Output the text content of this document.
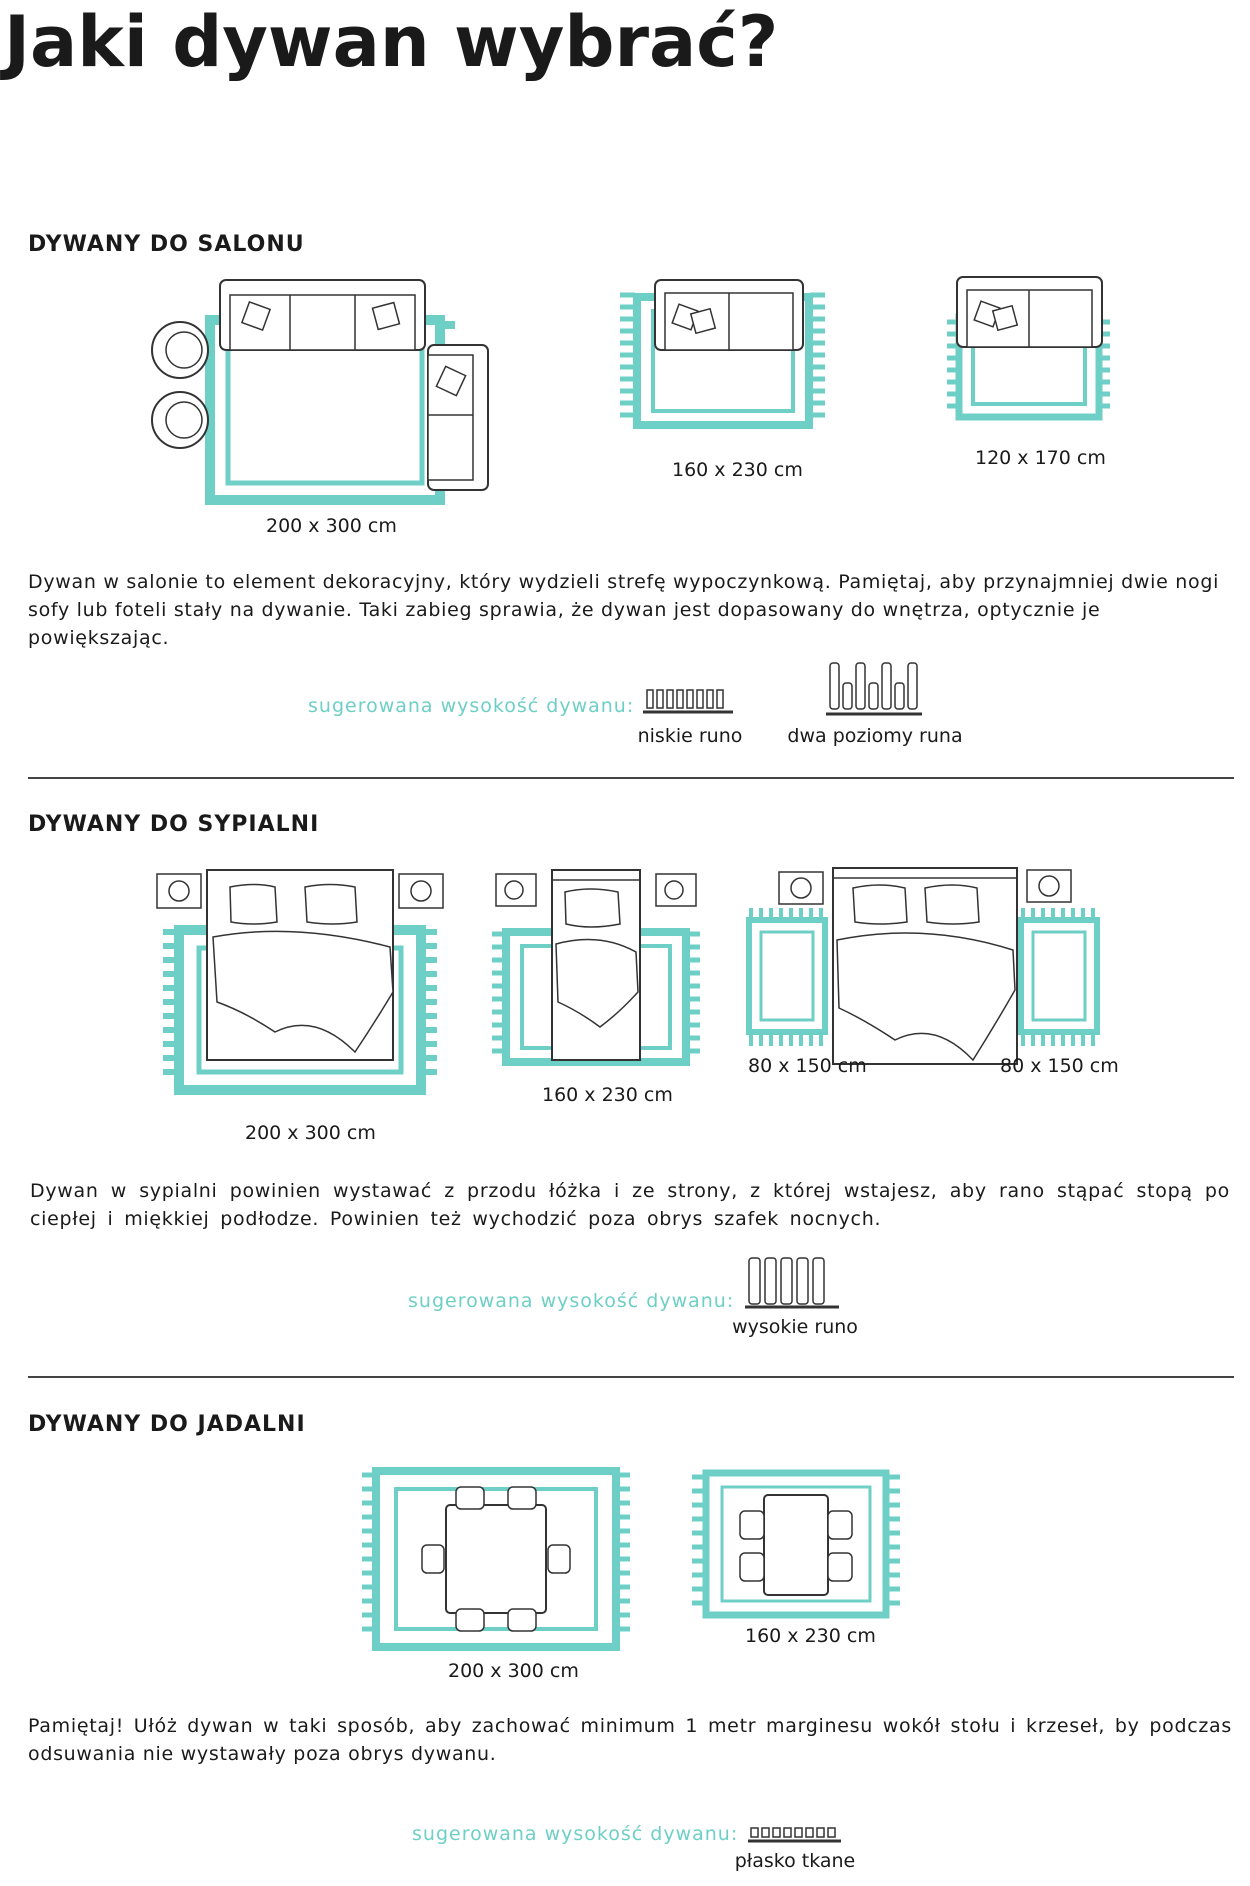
Jaki dywan wybrać?
DYWANY DO SALONU
200 x 300 cm
160 x 230 cm
120 x 170 cm
Dywan w salonie to element dekoracyjny, który wydzieli strefę wypoczynkową. Pamiętaj, aby przynajmniej dwie nogi sofy lub foteli stały na dywanie. Taki zabieg sprawia, że dywan jest dopasowany do wnętrza, optycznie je powiększając.
sugerowana wysokość dywanu:
niskie runo	dwa poziomy runa
DYWANY DO SYPIALNI
200 x 300 cm
160 x 230 cm
80 x 150 cm	80 x 150 cm
Dywan w sypialni powinien wystawać z przodu łóżka i ze strony, z której wstajesz, aby rano stąpać stopą po ciepłej i miękkiej podłodze. Powinien też wychodzić poza obrys szafek nocnych.
sugerowana wysokość dywanu:
wysokie runo
DYWANY DO JADALNI
200 x 300 cm
160 x 230 cm
Pamiętaj! Ułóż dywan w taki sposób, aby zachować minimum 1 metr marginesu wokół stołu i krzeseł, by podczas odsuwania nie wystawały poza obrys dywanu.
sugerowana wysokość dywanu:
płasko tkane
